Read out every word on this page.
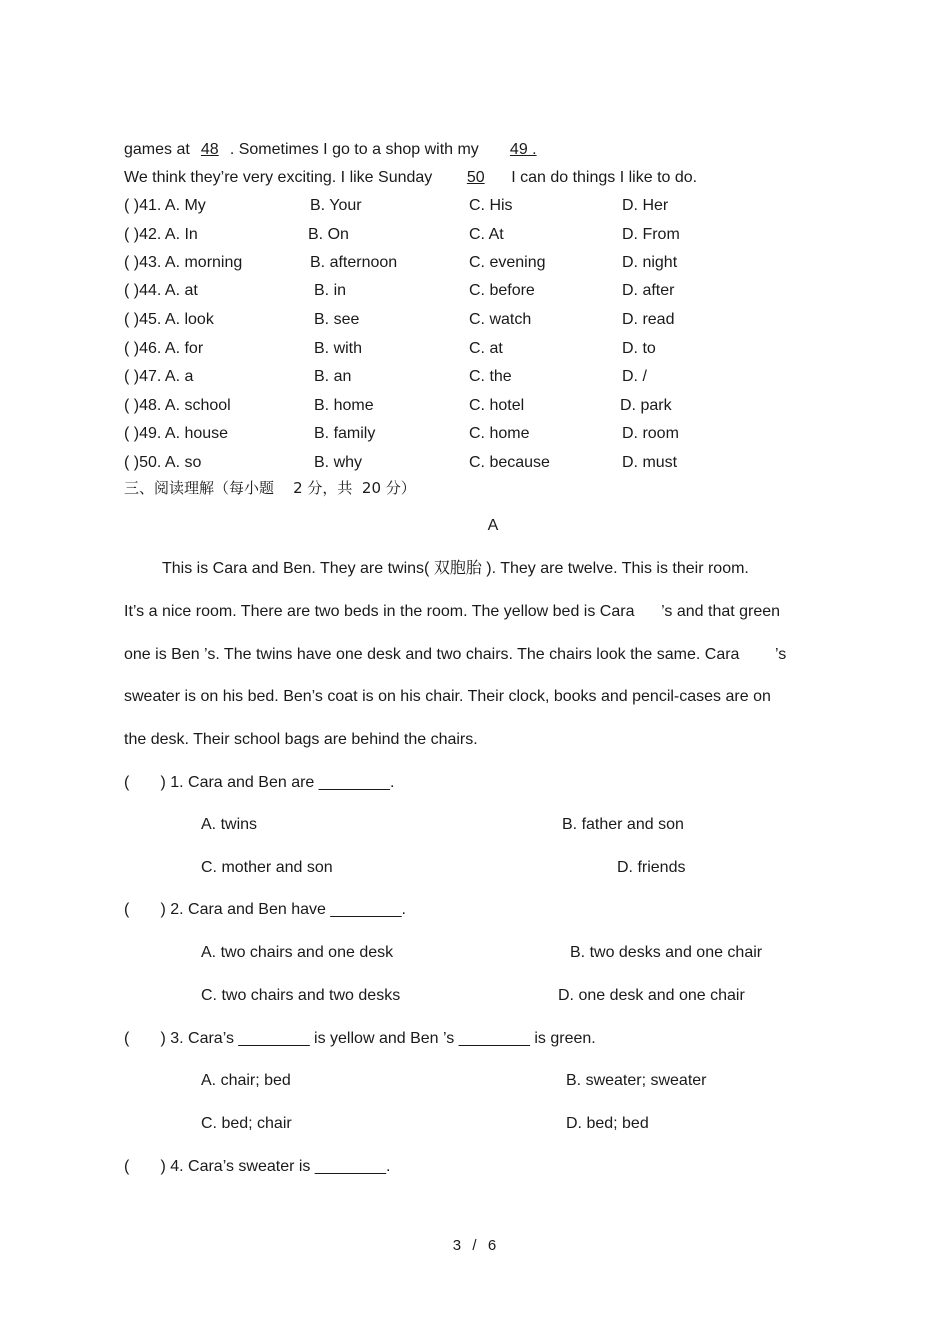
games at 48 . Sometimes I go to a shop with my 49 .
We think they’re very exciting. I like Sunday 50 I can do things I like to do.
( )41. A. My	B. Your	C. His	D. Her
( )42. A. In	B. On	C. At	D. From
( )43. A. morning	B. afternoon	C. evening	D. night
( )44. A. at	B. in	C. before	D. after
( )45. A. look	B. see	C. watch	D. read
( )46. A. for	B. with	C. at	D. to
( )47. A. a	B. an	C. the	D. /
( )48. A. school	B. home	C. hotel	D. park
( )49. A. house	B. family	C. home	D. room
( )50. A. so	B. why	C. because	D. must
三、阅读理解（每小题    2 分，共  20 分）
A
This is Cara and Ben. They are twins( 双胞胎 ). They are twelve. This is their room.
It’s a nice room. There are two beds in the room. The yellow bed is Cara      ’s and that green
one is Ben ’s. The twins have one desk and two chairs. The chairs look the same. Cara        ’s
sweater is on his bed. Ben’s coat is on his chair. Their clock, books and pencil-cases are on
the desk. Their school bags are behind the chairs.
(       ) 1. Cara and Ben are ________.
A. twins	B. father and son
C. mother and son	D. friends
(       ) 2. Cara and Ben have ________.
A. two chairs and one desk	B. two desks and one chair
C. two chairs and two desks	D. one desk and one chair
(       ) 3. Cara’s ________ is yellow and Ben ’s ________ is green.
A. chair; bed	B. sweater; sweater
C. bed; chair	D. bed; bed
(       ) 4. Cara’s sweater is ________.
3  /  6
